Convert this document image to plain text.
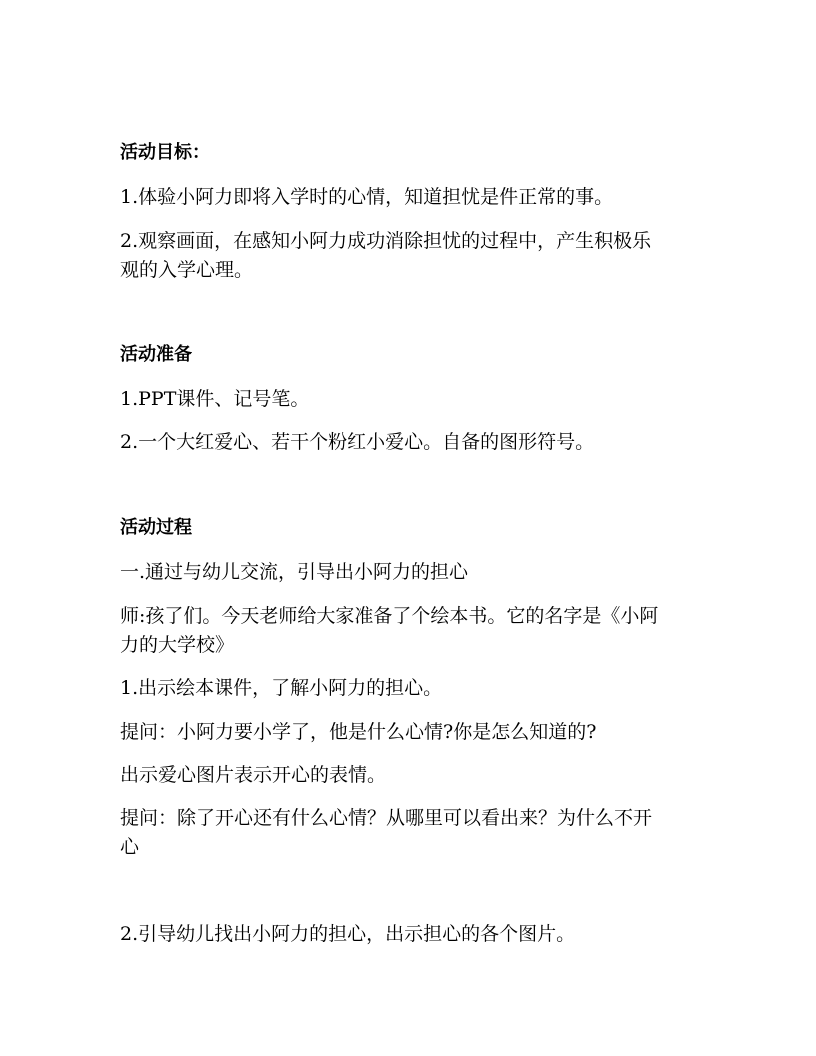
活动目标：
1.体验小阿力即将入学时的心情，知道担忧是件正常的事。
2.观察画面，在感知小阿力成功消除担忧的过程中，产生积极乐
观的入学心理。
活动准备
1.PPT课件、记号笔。
2.一个大红爱心、若干个粉红小爱心。自备的图形符号。
活动过程
一.通过与幼儿交流，引导出小阿力的担心
师:孩了们。今天老师给大家准备了个绘本书。它的名字是《小阿
力的大学校》
1.出示绘本课件，了解小阿力的担心。
提问：小阿力要小学了，他是什么心情?你是怎么知道的?
出示爱心图片表示开心的表情。
提问：除了开心还有什么心情？从哪里可以看出来？为什么不开
心
2.引导幼儿找出小阿力的担心，出示担心的各个图片。
